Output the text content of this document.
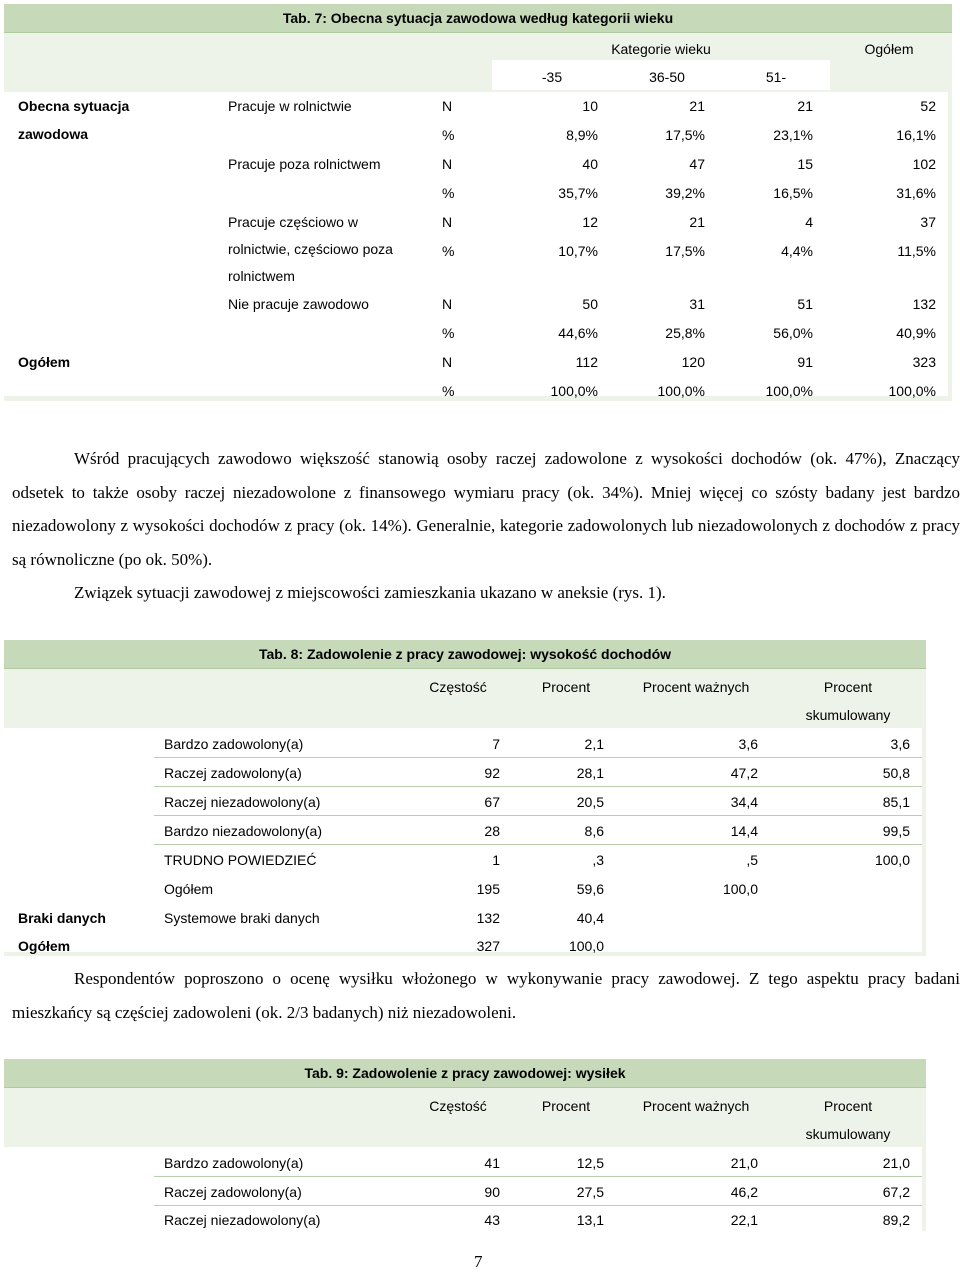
Tab. 7: Obecna sytuacja zawodowa według kategorii wieku
Kategorie wieku	Ogółem
-35	36-50	51-
Obecna sytuacja
zawodowa
Pracuje w rolnictwie	N	10	21	21	52
%	8,9%	17,5%	23,1%	16,1%
Pracuje poza rolnictwem	N	40	47	15	102
%	35,7%	39,2%	16,5%	31,6%
Pracuje częściowo w
rolnictwie, częściowo poza
rolnictwem
N	12	21	4	37
%	10,7%	17,5%	4,4%	11,5%
Nie pracuje zawodowo	N	50	31	51	132
%	44,6%	25,8%	56,0%	40,9%
Ogółem	N	112	120	91	323
%	100,0%	100,0%	100,0%	100,0%

Wśród pracujących zawodowo większość stanowią osoby raczej zadowolone z wysokości dochodów (ok. 47%), Znaczący odsetek to także osoby raczej niezadowolone z finansowego wymiaru pracy (ok. 34%). Mniej więcej co szósty badany jest bardzo niezadowolony z wysokości dochodów z pracy (ok. 14%). Generalnie, kategorie zadowolonych lub niezadowolonych z dochodów z pracy są równoliczne (po ok. 50%).

Związek sytuacji zawodowej z miejscowości zamieszkania ukazano w aneksie (rys. 1).

Tab. 8: Zadowolenie z pracy zawodowej: wysokość dochodów
Częstość	Procent	Procent ważnych	Procent
skumulowany
Bardzo zadowolony(a)	7	2,1	3,6	3,6
Raczej zadowolony(a)	92	28,1	47,2	50,8
Raczej niezadowolony(a)	67	20,5	34,4	85,1
Bardzo niezadowolony(a)	28	8,6	14,4	99,5
TRUDNO POWIEDZIEĆ	1	,3	,5	100,0
Ogółem	195	59,6	100,0
Braki danych	Systemowe braki danych	132	40,4
Ogółem	327	100,0

Respondentów poproszono o ocenę wysiłku włożonego w wykonywanie pracy zawodowej. Z tego aspektu pracy badani mieszkańcy są częściej zadowoleni (ok. 2/3 badanych) niż niezadowoleni.

Tab. 9: Zadowolenie z pracy zawodowej: wysiłek
Częstość	Procent	Procent ważnych	Procent
skumulowany
Bardzo zadowolony(a)	41	12,5	21,0	21,0
Raczej zadowolony(a)	90	27,5	46,2	67,2
Raczej niezadowolony(a)	43	13,1	22,1	89,2
7
